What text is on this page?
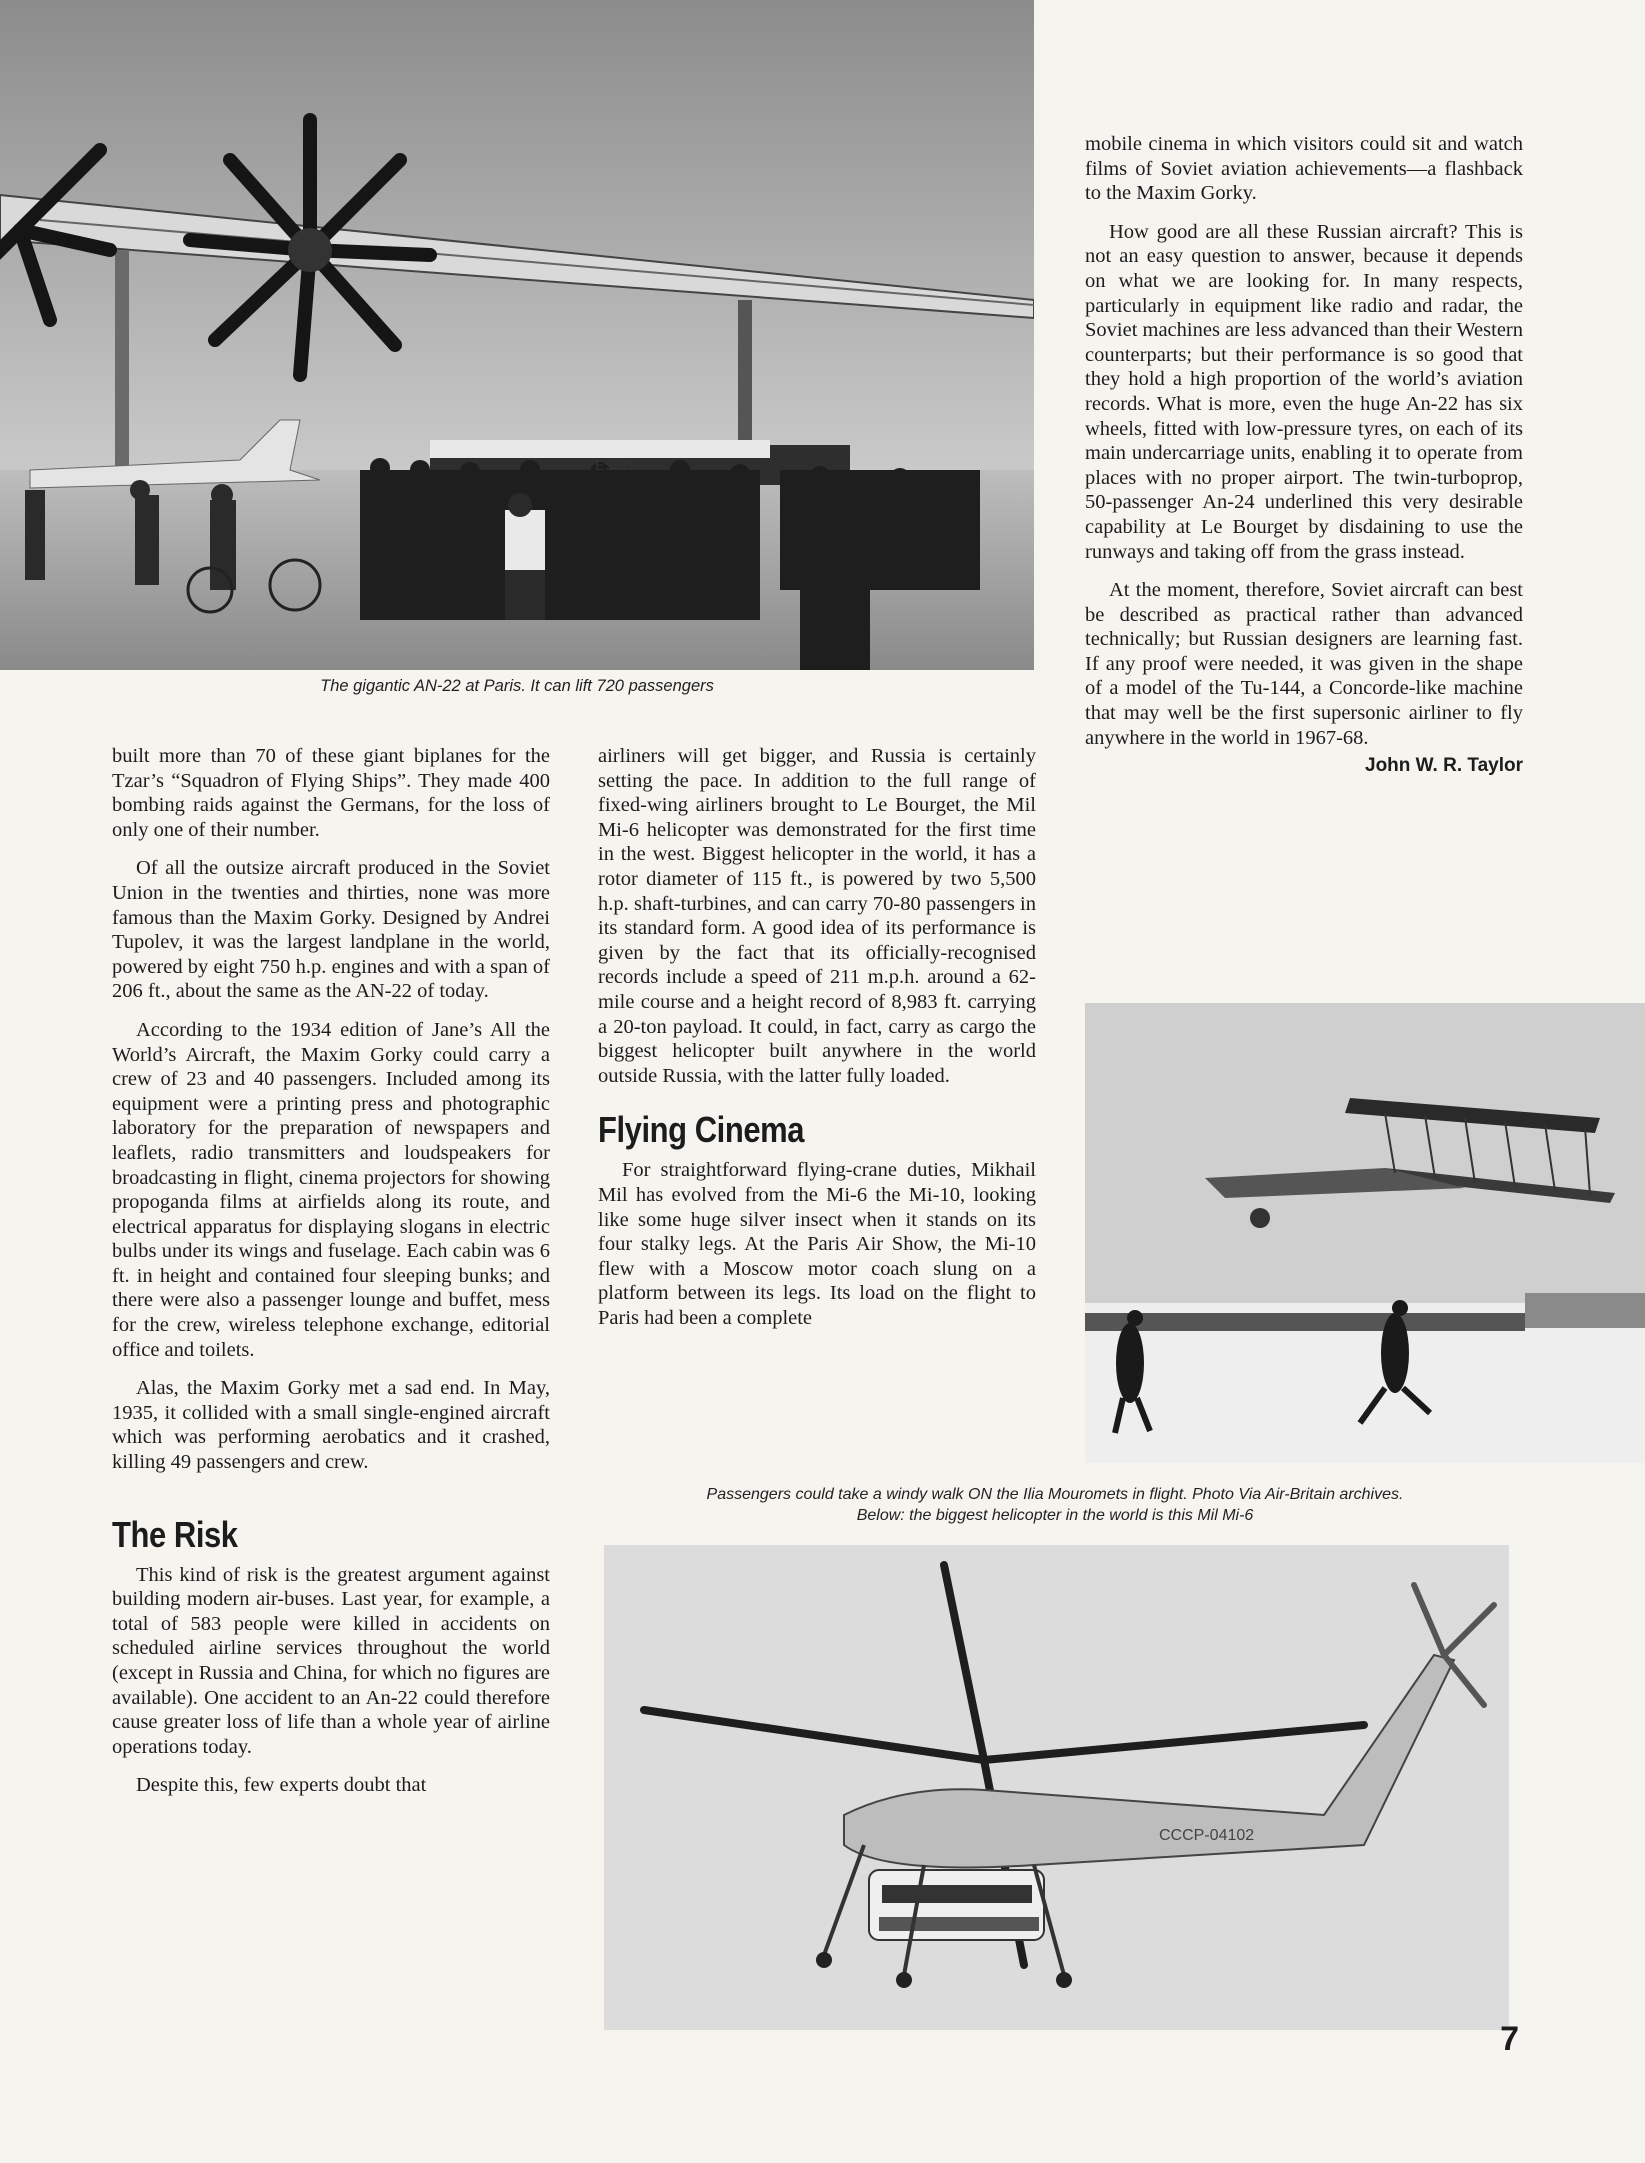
ESSO
The gigantic AN-22 at Paris. It can lift 720 passengers
Passengers could take a windy walk ON the Ilia Mouromets in flight. Photo Via Air-Britain archives.
Below: the biggest helicopter in the world is this Mil Mi-6
CCCP-04102

built more than 70 of these giant biplanes for the Tzar’s “Squadron of Flying Ships”. They made 400 bombing raids against the Germans, for the loss of only one of their number.

Of all the outsize aircraft produced in the Soviet Union in the twenties and thirties, none was more famous than the Maxim Gorky. Designed by Andrei Tupolev, it was the largest landplane in the world, powered by eight 750 h.p. engines and with a span of 206 ft., about the same as the AN-22 of today.

According to the 1934 edition of Jane’s All the World’s Aircraft, the Maxim Gorky could carry a crew of 23 and 40 passengers. Included among its equipment were a printing press and photographic laboratory for the preparation of newspapers and leaflets, radio transmitters and loudspeakers for broadcasting in flight, cinema projectors for showing propoganda films at airfields along its route, and electrical apparatus for displaying slogans in electric bulbs under its wings and fuselage. Each cabin was 6 ft. in height and contained four sleeping bunks; and there were also a passenger lounge and buffet, mess for the crew, wireless telephone exchange, editorial office and toilets.

Alas, the Maxim Gorky met a sad end. In May, 1935, it collided with a small single-engined aircraft which was performing aerobatics and it crashed, killing 49 passengers and crew.

The Risk

This kind of risk is the greatest argument against building modern air-buses. Last year, for example, a total of 583 people were killed in accidents on scheduled airline services throughout the world (except in Russia and China, for which no figures are available). One accident to an An-22 could therefore cause greater loss of life than a whole year of airline operations today.

Despite this, few experts doubt that

airliners will get bigger, and Russia is certainly setting the pace. In addition to the full range of fixed-wing airliners brought to Le Bourget, the Mil Mi-6 helicopter was demonstrated for the first time in the west. Biggest helicopter in the world, it has a rotor diameter of 115 ft., is powered by two 5,500 h.p. shaft-turbines, and can carry 70-80 passengers in its standard form. A good idea of its performance is given by the fact that its officially-recognised records include a speed of 211 m.p.h. around a 62-mile course and a height record of 8,983 ft. carrying a 20-ton payload. It could, in fact, carry as cargo the biggest helicopter built anywhere in the world outside Russia, with the latter fully loaded.

Flying Cinema

For straightforward flying-crane duties, Mikhail Mil has evolved from the Mi-6 the Mi-10, looking like some huge silver insect when it stands on its four stalky legs. At the Paris Air Show, the Mi-10 flew with a Moscow motor coach slung on a platform between its legs. Its load on the flight to Paris had been a complete

mobile cinema in which visitors could sit and watch films of Soviet aviation achievements—a flashback to the Maxim Gorky.

How good are all these Russian aircraft? This is not an easy question to answer, because it depends on what we are looking for. In many respects, particularly in equipment like radio and radar, the Soviet machines are less advanced than their Western counterparts; but their performance is so good that they hold a high proportion of the world’s aviation records. What is more, even the huge An-22 has six wheels, fitted with low-pressure tyres, on each of its main undercarriage units, enabling it to operate from places with no proper airport. The twin-turboprop, 50-passenger An-24 underlined this very desirable capability at Le Bourget by disdaining to use the runways and taking off from the grass instead.

At the moment, therefore, Soviet aircraft can best be described as practical rather than advanced technically; but Russian designers are learning fast. If any proof were needed, it was given in the shape of a model of the Tu-144, a Concorde-like machine that may well be the first supersonic airliner to fly anywhere in the world in 1967-68.

John W. R. Taylor
7
